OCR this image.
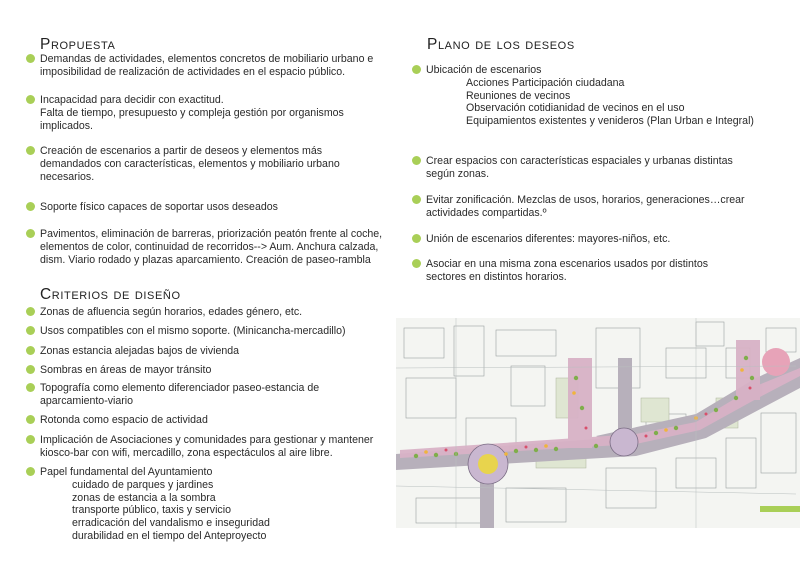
Propuesta
Demandas de actividades, elementos concretos de mobiliario urbano e
imposibilidad de realización de actividades en el espacio público.
Incapacidad para decidir con exactitud.
Falta de tiempo, presupuesto y compleja gestión por organismos
implicados.
Creación de escenarios a partir de deseos y elementos más
demandados con características, elementos y mobiliario urbano
necesarios.
Soporte físico capaces de soportar usos deseados
Pavimentos, eliminación de barreras, priorización peatón frente al coche,
elementos de color, continuidad de recorridos--> Aum. Anchura calzada,
dism. Viario rodado y plazas aparcamiento. Creación de paseo-rambla
Criterios de diseño
Zonas de afluencia según horarios, edades género, etc.
Usos compatibles con el mismo soporte. (Minicancha-mercadillo)
Zonas estancia alejadas bajos de vivienda
Sombras en áreas de mayor tránsito
Topografía como elemento diferenciador paseo-estancia de
aparcamiento-viario
Rotonda como espacio de actividad
Implicación de Asociaciones y comunidades para gestionar y mantener
kiosco-bar con wifi, mercadillo, zona espectáculos al aire libre.
Papel fundamental del Ayuntamiento
cuidado de parques y jardines
zonas de estancia a la sombra
transporte público, taxis y servicio
erradicación del vandalismo e inseguridad
durabilidad en el tiempo del Anteproyecto
Plano de los deseos
Ubicación de escenarios
Acciones Participación ciudadana
Reuniones de vecinos
Observación cotidianidad de vecinos en el uso
Equipamientos existentes y venideros (Plan Urban e Integral)
Crear espacios con características espaciales y urbanas distintas
según zonas.
Evitar zonificación. Mezclas de usos, horarios, generaciones…crear
actividades compartidas.º
Unión de escenarios diferentes: mayores-niños, etc.
Asociar en una misma zona escenarios usados por distintos
sectores en distintos horarios.
